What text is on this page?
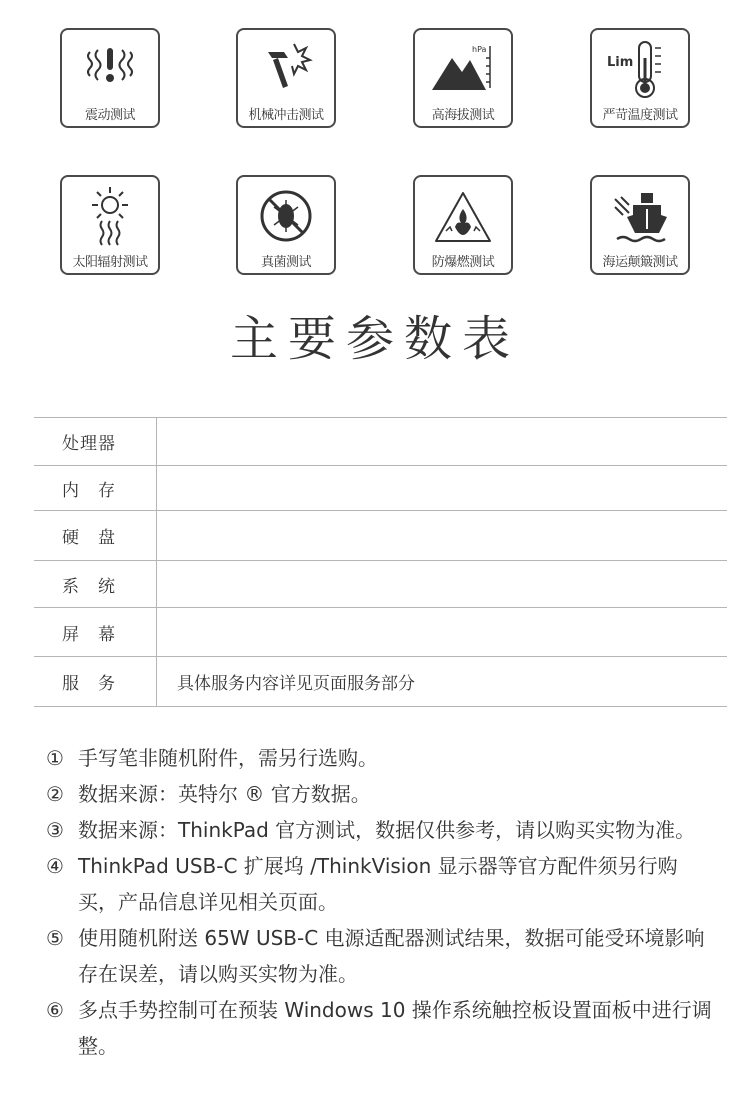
震动测试	机械冲击测试
hPa
高海拔测试
Lim
严苛温度测试
太阳辐射测试	真菌测试	防爆燃测试	海运颠簸测试
主要参数表
处理器
内　存
硬　盘
系　统
屏　幕
服　务	具体服务内容详见页面服务部分
① 手写笔非随机附件，需另行选购。
② 数据来源：英特尔 ® 官方数据。
③ 数据来源：ThinkPad 官方测试，数据仅供参考，请以购买实物为准。
④ ThinkPad USB-C 扩展坞 /ThinkVision 显示器等官方配件须另行购买，产品信息详见相关页面。
⑤ 使用随机附送 65W USB-C 电源适配器测试结果，数据可能受环境影响存在误差，请以购买实物为准。
⑥ 多点手势控制可在预装 Windows 10 操作系统触控板设置面板中进行调整。
